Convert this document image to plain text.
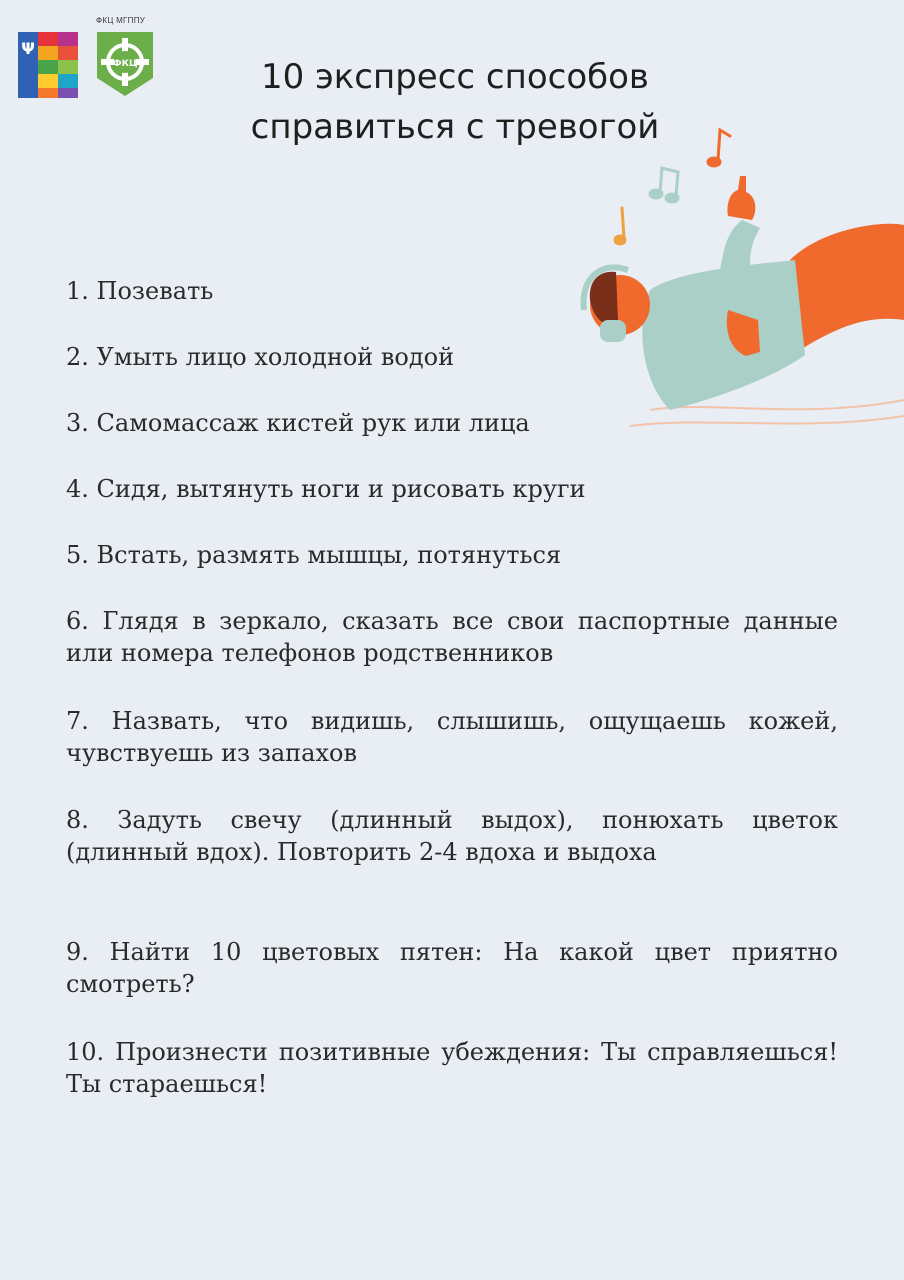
Ψ
ФКЦ МГППУ
ФКЦ	10 экспресс способов
справиться с тревогой
1. Позевать
2. Умыть лицо холодной водой
3. Самомассаж кистей рук или лица
4. Сидя, вытянуть ноги и рисовать круги
5. Встать, размять мышцы, потянуться
6. Глядя в зеркало, сказать все свои паспортные данные или номера телефонов родственников
7. Назвать, что видишь, слышишь, ощущаешь кожей, чувствуешь из запахов
8. Задуть свечу (длинный выдох), понюхать цветок (длинный вдох). Повторить 2-4 вдоха и выдоха
9. Найти 10 цветовых пятен: На какой цвет приятно смотреть?
10. Произнести позитивные убеждения: Ты справляешься! Ты стараешься!
